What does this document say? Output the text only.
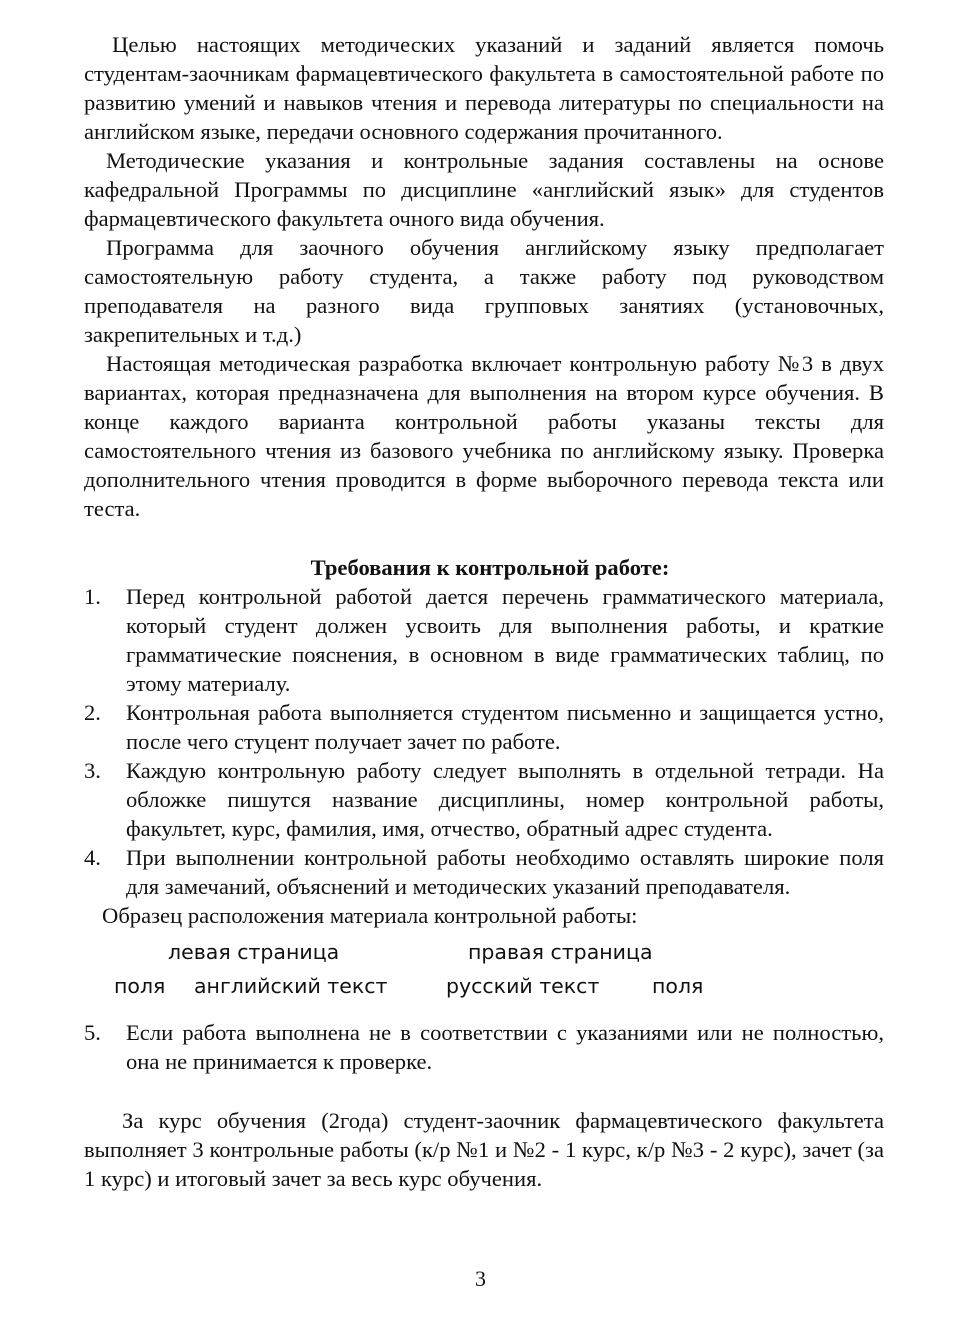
Целью настоящих методических указаний и заданий является помочь студентам-заочникам фармацевтического факультета в самостоятельной работе по развитию умений и навыков чтения и перевода литературы по специальности на английском языке, передачи основного содержания прочитанного.

Методические указания и контрольные задания составлены на основе кафедральной Программы по дисциплине «английский язык» для студентов фармацевтического факультета очного вида обучения.

Программа для заочного обучения английскому языку предполагает самостоятельную работу студента, а также работу под руководством преподавателя на разного вида групповых занятиях (установочных, закрепительных и т.д.)

Настоящая методическая разработка включает контрольную работу №3 в двух вариантах, которая предназначена для выполнения на втором курсе обучения. В конце каждого варианта контрольной работы указаны тексты для самостоятельного чтения из базового учебника по английскому языку. Проверка дополнительного чтения проводится в форме выборочного перевода текста или теста.

Требования к контрольной работе:

1.	Перед контрольной работой дается перечень грамматического материала, который студент должен усвоить для выполнения работы, и краткие грамматические пояснения, в основном в виде грамматических таблиц, по этому материалу.
2.	Контрольная работа выполняется студентом письменно и защищается устно, после чего стуцент получает зачет по работе.
3.	Каждую контрольную работу следует выполнять в отдельной тетради. На обложке пишутся название дисциплины, номер контрольной работы, факультет, курс, фамилия, имя, отчество, обратный адрес студента.
4.	При выполнении контрольной работы необходимо оставлять широкие поля для замечаний, объяснений и методических указаний преподавателя.

Образец расположения материала контрольной работы:

левая страница	правая страница
поля английский текст	русский текст	поля
5.	Если работа выполнена не в соответствии с указаниями или не полностью, она не принимается к проверке.

За курс обучения (2года) студент-заочник фармацевтического факультета выполняет 3 контрольные работы (к/р №1 и №2 - 1 курс, к/р №3 - 2 курс), зачет (за 1 курс) и итоговый зачет за весь курс обучения.

3
